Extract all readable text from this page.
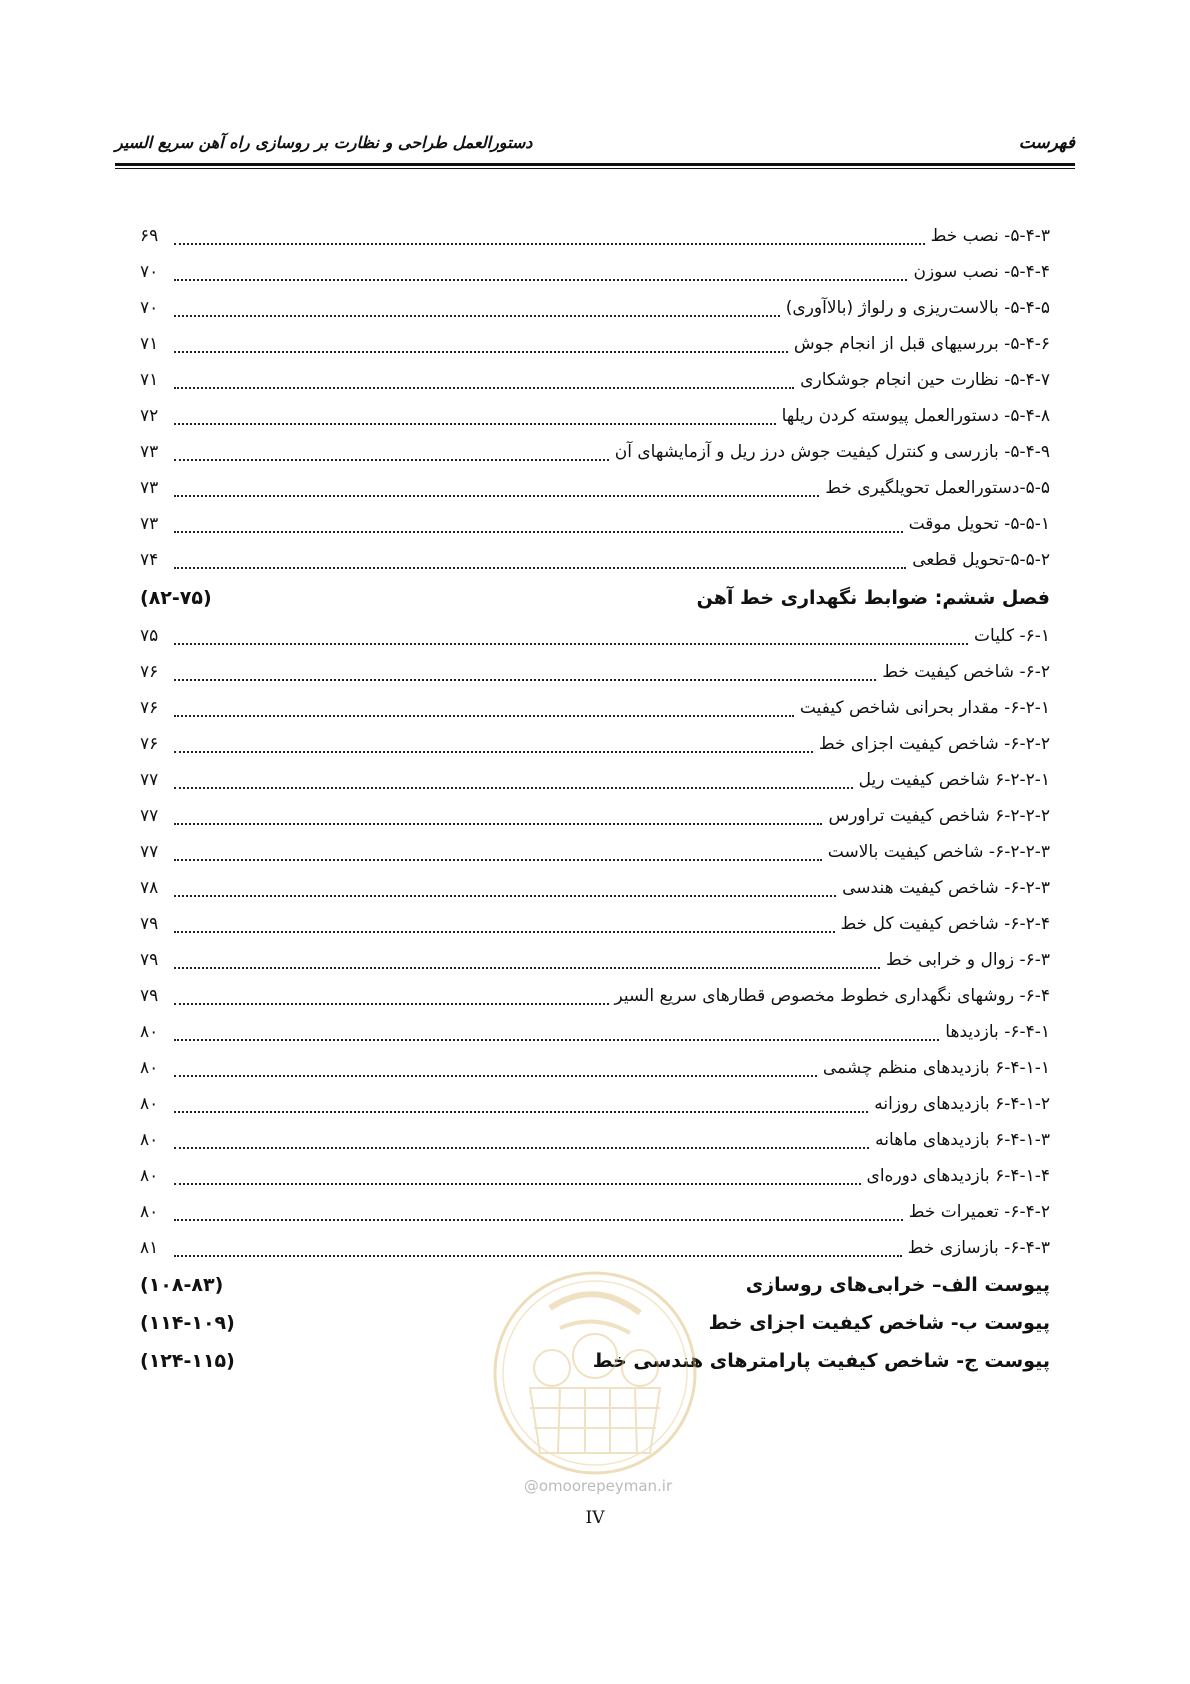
فهرست
دستورالعمل طراحی و نظارت بر روسازی راه آهن سریع السیر
۵-۴-۳- نصب خط
۶۹
۵-۴-۴- نصب سوزن
۷۰
۵-۴-۵- بالاست‌ریزی و رلواژ (بالاآوری)
۷۰
۵-۴-۶- بررسیهای قبل از انجام جوش
۷۱
۵-۴-۷- نظارت حین انجام جوشکاری
۷۱
۵-۴-۸- دستورالعمل پیوسته کردن ریلها
۷۲
۵-۴-۹- بازرسی و کنترل کیفیت جوش درز ریل و آزمایشهای آن
۷۳
۵-۵-دستورالعمل تحویلگیری خط
۷۳
۵-۵-۱- تحویل موقت
۷۳
۵-۵-۲-تحویل قطعی
۷۴
فصل ششم: ضوابط نگهداری خط آهن
(۸۲-۷۵)
۶-۱- کلیات
۷۵
۶-۲- شاخص کیفیت خط
۷۶
۶-۲-۱- مقدار بحرانی شاخص کیفیت
۷۶
۶-۲-۲- شاخص کیفیت اجزای خط
۷۶
۶-۲-۲-۱ شاخص کیفیت ریل
۷۷
۶-۲-۲-۲ شاخص کیفیت تراورس
۷۷
۶-۲-۲-۳- شاخص کیفیت بالاست
۷۷
۶-۲-۳- شاخص کیفیت هندسی
۷۸
۶-۲-۴- شاخص کیفیت کل خط
۷۹
۶-۳- زوال و خرابی خط
۷۹
۶-۴- روشهای نگهداری خطوط مخصوص قطارهای سریع السیر
۷۹
۶-۴-۱- بازدیدها
۸۰
۶-۴-۱-۱ بازدیدهای منظم چشمی
۸۰
۶-۴-۱-۲ بازدیدهای روزانه
۸۰
۶-۴-۱-۳ بازدیدهای ماهانه
۸۰
۶-۴-۱-۴ بازدیدهای دوره‌ای
۸۰
۶-۴-۲- تعمیرات خط
۸۰
۶-۴-۳- بازسازی خط
۸۱
پیوست الف– خرابی‌های روسازی
(۱۰۸-۸۳)
پیوست ب- شاخص کیفیت اجزای خط
(۱۱۴-۱۰۹)
پیوست ج- شاخص کیفیت پارامترهای هندسی خط
(۱۲۴-۱۱۵)
@omoorepeyman.ir
IV
